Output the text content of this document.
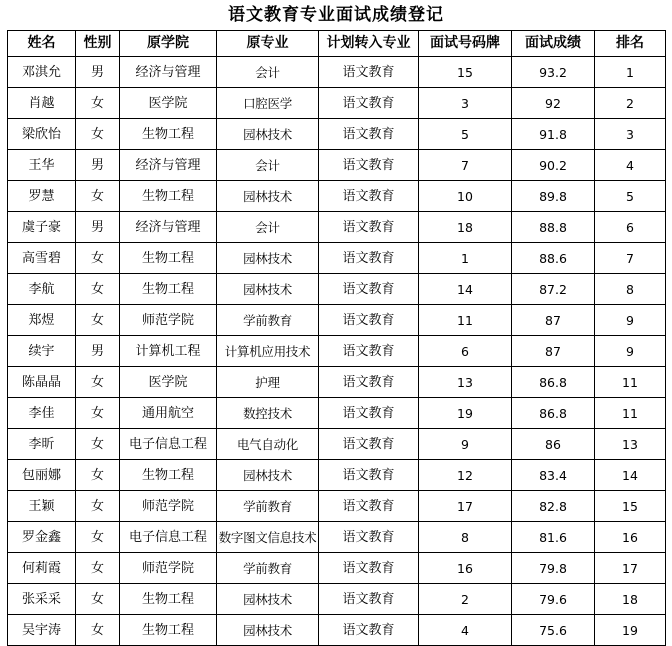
语文教育专业面试成绩登记
姓名	性别	原学院	原专业	计划转入专业	面试号码牌	面试成绩	排名
邓淇允	男	经济与管理	会计	语文教育	15	93.2	1
肖越	女	医学院	口腔医学	语文教育	3	92	2
梁欣怡	女	生物工程	园林技术	语文教育	5	91.8	3
王华	男	经济与管理	会计	语文教育	7	90.2	4
罗慧	女	生物工程	园林技术	语文教育	10	89.8	5
虞子豪	男	经济与管理	会计	语文教育	18	88.8	6
高雪碧	女	生物工程	园林技术	语文教育	1	88.6	7
李航	女	生物工程	园林技术	语文教育	14	87.2	8
郑煜	女	师范学院	学前教育	语文教育	11	87	9
续宇	男	计算机工程	计算机应用技术	语文教育	6	87	9
陈晶晶	女	医学院	护理	语文教育	13	86.8	11
李佳	女	通用航空	数控技术	语文教育	19	86.8	11
李昕	女	电子信息工程	电气自动化	语文教育	9	86	13
包丽娜	女	生物工程	园林技术	语文教育	12	83.4	14
王颖	女	师范学院	学前教育	语文教育	17	82.8	15
罗金鑫	女	电子信息工程	数字图文信息技术	语文教育	8	81.6	16
何莉霞	女	师范学院	学前教育	语文教育	16	79.8	17
张采采	女	生物工程	园林技术	语文教育	2	79.6	18
吴宇涛	女	生物工程	园林技术	语文教育	4	75.6	19
